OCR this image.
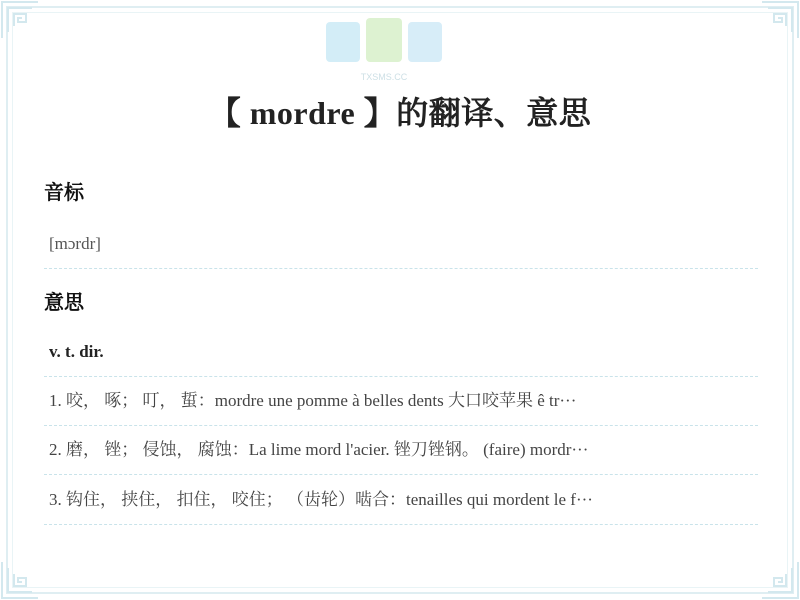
TXSMS.CC
【 mordre 】的翻译、意思
音标
[mɔrdr]
意思
v. t. dir.
1. 咬， 啄； 叮， 蜇：mordre une pomme à belles dents 大口咬苹果 ê tr···
2. 磨， 锉； 侵蚀， 腐蚀：La lime mord l'acier. 锉刀锉钢。 (faire) mordr···
3. 钩住， 挟住， 扣住， 咬住； （齿轮）啮合：tenailles qui mordent le f···
